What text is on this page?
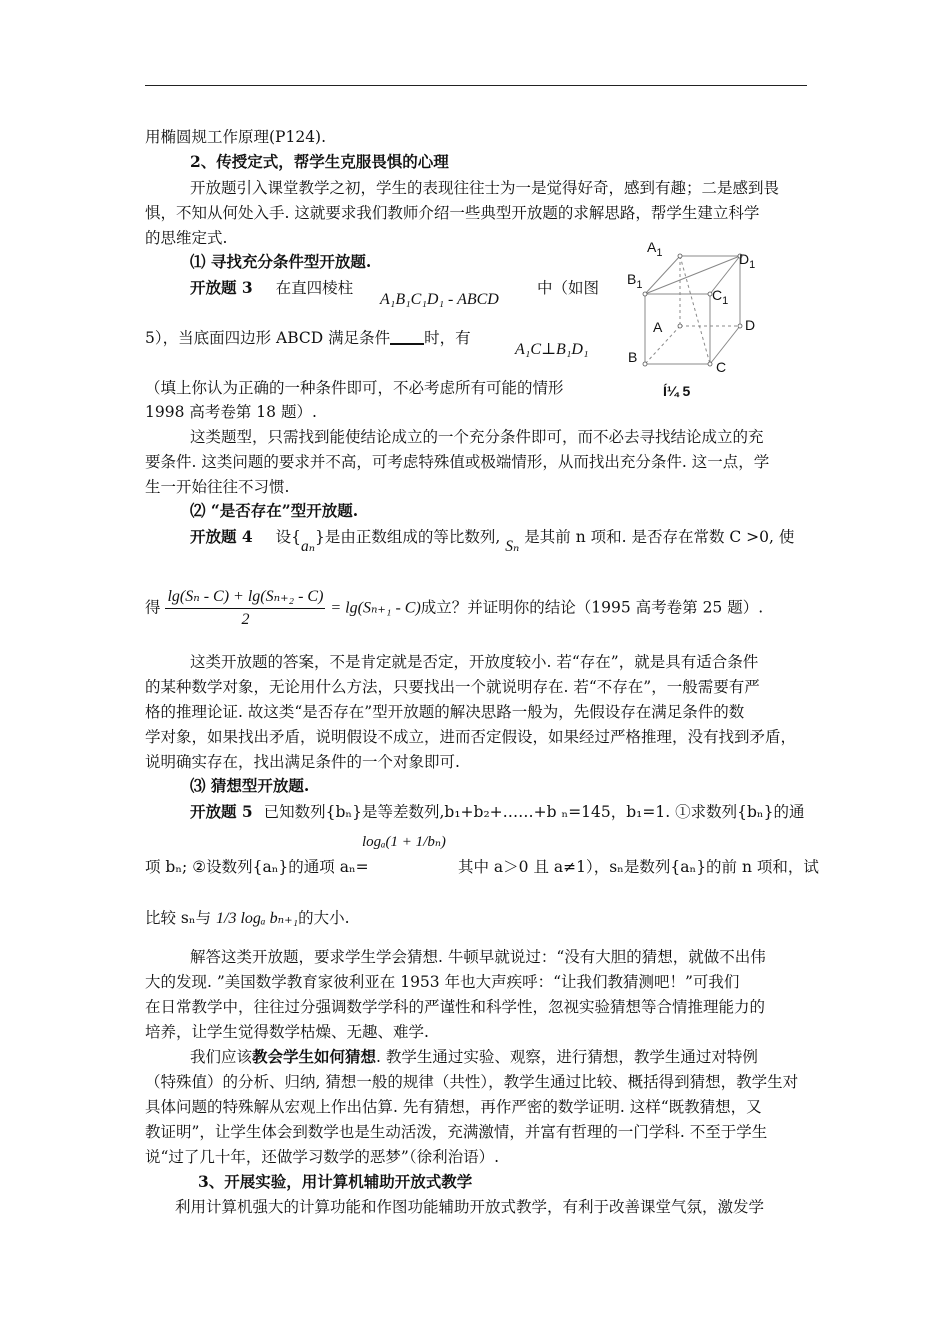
用椭圆规工作原理(P124).
2、传授定式，帮学生克服畏惧的心理
开放题引入课堂教学之初，学生的表现往往士为一是觉得好奇，感到有趣；二是感到畏
惧，不知从何处入手. 这就要求我们教师介绍一些典型开放题的求解思路，帮学生建立科学
的思维定式.
⑴ 寻找充分条件型开放题.
开放题 3 在直四棱柱
A₁B₁C₁D₁ - ABCD
中（如图
5），当底面四边形 ABCD 满足条件 时，有
A₁C⊥B₁D₁
（填上你认为正确的一种条件即可，不必考虑所有可能的情形
1998 高考卷第 18 题）.
$A_1$	$D_1$
$B_1$
$C_1$
A	D
B
C
Í¼ 5
这类题型，只需找到能使结论成立的一个充分条件即可，而不必去寻找结论成立的充
要条件. 这类问题的要求并不高，可考虑特殊值或极端情形，从而找出充分条件. 这一点，学
生一开始往往不习惯.
⑵ “是否存在”型开放题.
开放题 4 设{aₙ}是由正数组成的等比数列, Sₙ 是其前 n 项和. 是否存在常数 C >0, 使
得 $\frac{\text{lg(Sₙ - C) + lg(Sₙ₊₂ - C)}}{2} = \lg(S_{n+1} - C)$成立？并证明你的结论（1995 高考卷第 25 题）.
这类开放题的答案，不是肯定就是否定，开放度较小. 若“存在”，就是具有适合条件
的某种数学对象，无论用什么方法，只要找出一个就说明存在. 若“不存在”，一般需要有严
格的推理论证. 故这类“是否存在”型开放题的解决思路一般为，先假设存在满足条件的数
学对象，如果找出矛盾，说明假设不成立，进而否定假设，如果经过严格推理，没有找到矛盾，
说明确实存在，找出满足条件的一个对象即可.
⑶ 猜想型开放题.
开放题 5 已知数列{bₙ}是等差数列,b₁+b₂+……+b ₙ=145，b₁=1. ①求数列{bₙ}的通
logₐ(1 + 1/bₙ)
项 bₙ; ②设数列{aₙ}的通项 aₙ=	其中 a＞0 且 a≠1），sₙ是数列{aₙ}的前 n 项和，试
比较 sₙ与 1/3 logₐ bₙ₊₁的大小.
解答这类开放题，要求学生学会猜想. 牛顿早就说过：“没有大胆的猜想，就做不出伟
大的发现. ”美国数学教育家彼利亚在 1953 年也大声疾呼：“让我们教猜测吧！”可我们
在日常教学中，往往过分强调数学学科的严谨性和科学性，忽视实验猜想等合情推理能力的
培养，让学生觉得数学枯燥、无趣、难学.
我们应该教会学生如何猜想. 教学生通过实验、观察，进行猜想，教学生通过对特例
（特殊值）的分析、归纳, 猜想一般的规律（共性），教学生通过比较、概括得到猜想，教学生对
具体问题的特殊解从宏观上作出估算. 先有猜想，再作严密的数学证明. 这样“既教猜想，又
教证明”，让学生体会到数学也是生动活泼，充满激情，并富有哲理的一门学科. 不至于学生
说“过了几十年，还做学习数学的恶梦”（徐利治语）.
3、开展实验，用计算机辅助开放式教学
利用计算机强大的计算功能和作图功能辅助开放式教学，有利于改善课堂气氛，激发学
